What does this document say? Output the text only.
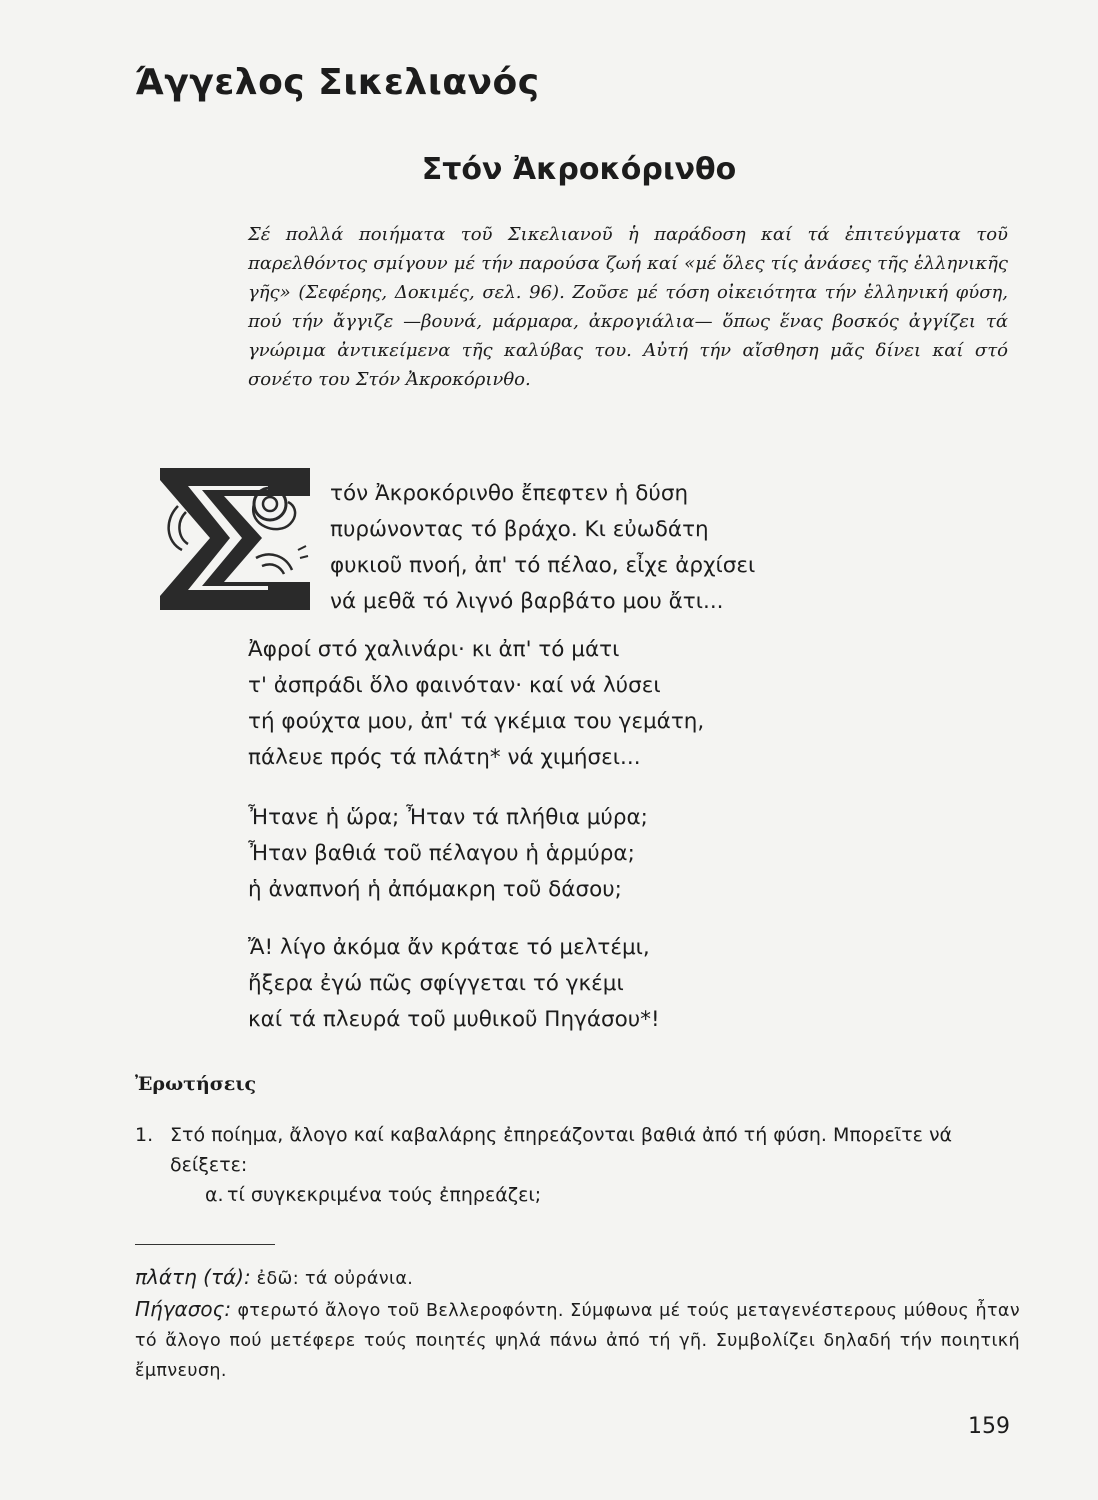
Άγγελος Σικελιανός
Στόν Ἀκροκόρινθο

Σέ πολλά ποιήματα τοῦ Σικελιανοῦ ἡ παράδοση καί τά ἐπιτεύγματα τοῦ παρελθόντος σμίγουν μέ τήν παρούσα ζωή καί «μέ ὅλες τίς ἀνάσες τῆς ἑλληνικῆς γῆς» (Σεφέρης, Δοκιμές, σελ. 96). Ζοῦσε μέ τόση οἰκειότητα τήν ἑλληνική φύση, πού τήν ἄγγιζε —βουνά, μάρμαρα, ἀκρογιάλια— ὅπως ἕνας βοσκός ἀγγίζει τά γνώριμα ἀντικείμενα τῆς καλύβας του. Αὐτή τήν αἴσθηση μᾶς δίνει καί στό σονέτο του Στόν Ἀκροκόρινθο.

τόν Ἀκροκόρινθο ἔπεφτεν ἡ δύση
πυρώνοντας τό βράχο. Κι εὐωδάτη
φυκιοῦ πνοή, ἀπ' τό πέλαο, εἶχε ἀρχίσει
νά μεθᾶ τό λιγνό βαρβάτο μου ἄτι...
Ἀφροί στό χαλινάρι· κι ἀπ' τό μάτι
τ' ἀσπράδι ὅλο φαινόταν· καί νά λύσει
τή φούχτα μου, ἀπ' τά γκέμια του γεμάτη,
πάλευε πρός τά πλάτη* νά χιμήσει...
Ἦτανε ἡ ὥρα; Ἦταν τά πλήθια μύρα;
Ἦταν βαθιά τοῦ πέλαγου ἡ ἁρμύρα;
ἡ ἀναπνοή ἡ ἀπόμακρη τοῦ δάσου;
Ἄ! λίγο ἀκόμα ἄν κράταε τό μελτέμι,
ἤξερα ἐγώ πῶς σφίγγεται τό γκέμι
καί τά πλευρά τοῦ μυθικοῦ Πηγάσου*!
Ἐρωτήσεις
1. Στό ποίημα, ἄλογο καί καβαλάρης ἐπηρεάζονται βαθιά ἀπό τή φύση. Μπορεῖτε νά δείξετε:
α. τί συγκεκριμένα τούς ἐπηρεάζει;

πλάτη (τά): ἐδῶ: τά οὐράνια.

Πήγασος: φτερωτό ἄλογο τοῦ Βελλεροφόντη. Σύμφωνα μέ τούς μεταγενέστερους μύθους ἦταν τό ἄλογο πού μετέφερε τούς ποιητές ψηλά πάνω ἀπό τή γῆ. Συμβολίζει δηλαδή τήν ποιητική ἔμπνευση.

159
